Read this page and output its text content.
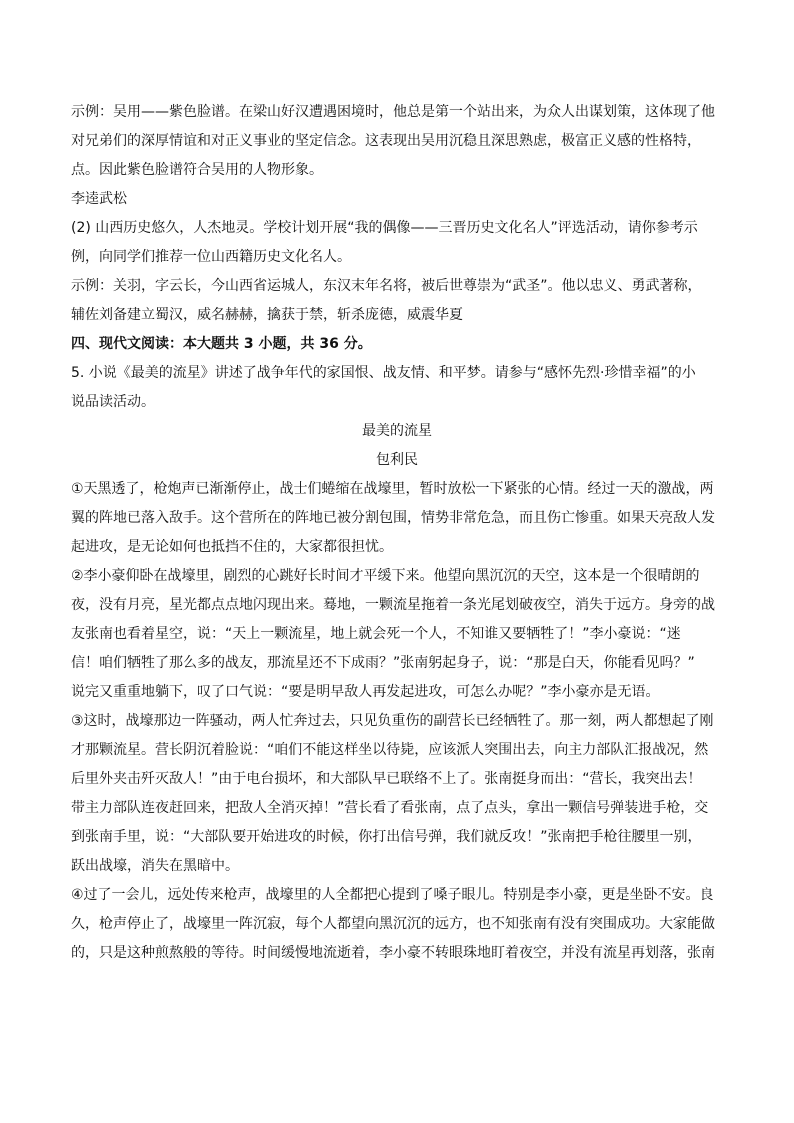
示例：吴用——紫色脸谱。在梁山好汉遭遇困境时，他总是第一个站出来，为众人出谋划策，这体现了他
对兄弟们的深厚情谊和对正义事业的坚定信念。这表现出吴用沉稳且深思熟虑，极富正义感的性格特，
点。因此紫色脸谱符合吴用的人物形象。
李逵武松
(2) 山西历史悠久，人杰地灵。学校计划开展“我的偶像——三晋历史文化名人”评选活动，请你参考示
例，向同学们推荐一位山西籍历史文化名人。
示例：关羽，字云长，今山西省运城人，东汉末年名将，被后世尊崇为“武圣”。他以忠义、勇武著称，
辅佐刘备建立蜀汉，威名赫赫，擒获于禁，斩杀庞德，威震华夏
四、现代文阅读：本大题共 3 小题，共 36 分。
5. 小说《最美的流星》讲述了战争年代的家国恨、战友情、和平梦。请参与“感怀先烈·珍惜幸福”的小
说品读活动。
最美的流星
包利民
①天黑透了，枪炮声已渐渐停止，战士们蜷缩在战壕里，暂时放松一下紧张的心情。经过一天的激战，两
翼的阵地已落入敌手。这个营所在的阵地已被分割包围，情势非常危急，而且伤亡惨重。如果天亮敌人发
起进攻，是无论如何也抵挡不住的，大家都很担忧。
②李小豪仰卧在战壕里，剧烈的心跳好长时间才平缓下来。他望向黑沉沉的天空，这本是一个很晴朗的
夜，没有月亮，星光都点点地闪现出来。蓦地，一颗流星拖着一条光尾划破夜空，消失于远方。身旁的战
友张南也看着星空，说：“天上一颗流星，地上就会死一个人，不知谁又要牺牲了！”李小豪说：“迷
信！咱们牺牲了那么多的战友，那流星还不下成雨？”张南躬起身子，说：“那是白天，你能看见吗？”
说完又重重地躺下，叹了口气说：“要是明早敌人再发起进攻，可怎么办呢？”李小豪亦是无语。
③这时，战壕那边一阵骚动，两人忙奔过去，只见负重伤的副营长已经牺牲了。那一刻，两人都想起了刚
才那颗流星。营长阴沉着脸说：“咱们不能这样坐以待毙，应该派人突围出去，向主力部队汇报战况，然
后里外夹击歼灭敌人！”由于电台损坏，和大部队早已联络不上了。张南挺身而出：“营长，我突出去！
带主力部队连夜赶回来，把敌人全消灭掉！”营长看了看张南，点了点头，拿出一颗信号弹装进手枪，交
到张南手里，说：“大部队要开始进攻的时候，你打出信号弹，我们就反攻！”张南把手枪往腰里一别，
跃出战壕，消失在黑暗中。
④过了一会儿，远处传来枪声，战壕里的人全都把心提到了嗓子眼儿。特别是李小豪，更是坐卧不安。良
久，枪声停止了，战壕里一阵沉寂，每个人都望向黑沉沉的远方，也不知张南有没有突围成功。大家能做
的，只是这种煎熬般的等待。时间缓慢地流逝着，李小豪不转眼珠地盯着夜空，并没有流星再划落，张南
